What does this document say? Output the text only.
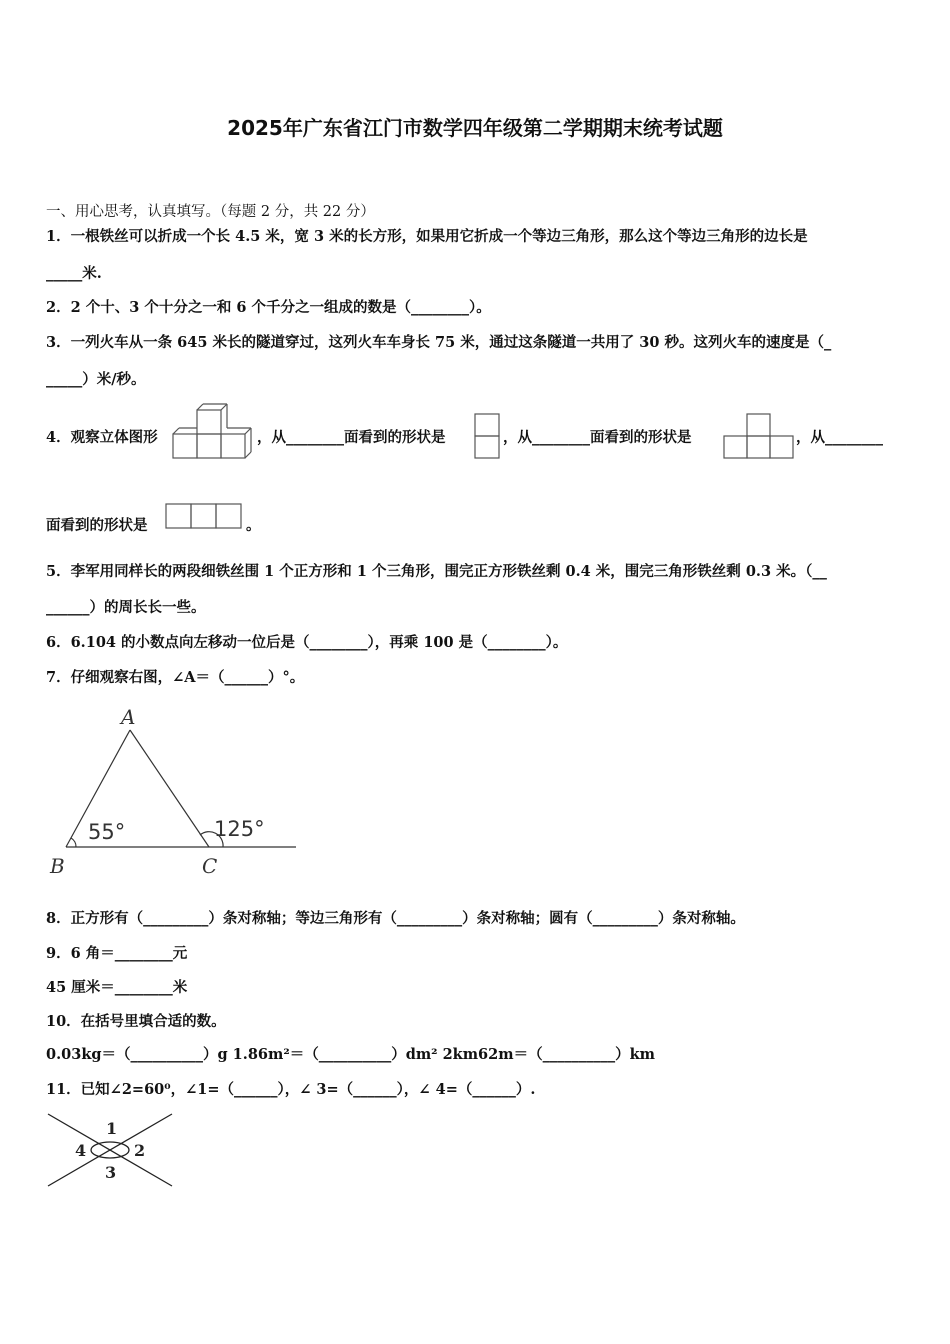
2025年广东省江门市数学四年级第二学期期末统考试题
一、用心思考，认真填写。（每题 2 分，共 22 分）
1．一根铁丝可以折成一个长 4.5 米，宽 3 米的长方形，如果用它折成一个等边三角形，那么这个等边三角形的边长是
_____米.
2．2 个十、3 个十分之一和 6 个千分之一组成的数是（________）。
3．一列火车从一条 645 米长的隧道穿过，这列火车车身长 75 米，通过这条隧道一共用了 30 秒。这列火车的速度是（_
_____）米/秒。
4．观察立体图形	，从________面看到的形状是	，从________面看到的形状是	，从________
面看到的形状是	。
5．李军用同样长的两段细铁丝围 1 个正方形和 1 个三角形，围完正方形铁丝剩 0.4 米，围完三角形铁丝剩 0.3 米。（__
______）的周长长一些。
6．6.104 的小数点向左移动一位后是（________），再乘 100 是（________）。
7．仔细观察右图，∠A＝（______）°。
A
B	C
55°	125°
8．正方形有（_________）条对称轴；等边三角形有（_________）条对称轴；圆有（_________）条对称轴。
9．6 角＝________元
45 厘米＝________米
10．在括号里填合适的数。
0.03kg＝（__________）g 1.86m²＝（__________）dm² 2km62m＝（__________）km
11．已知∠2=60⁰，∠1=（______），∠ 3=（______），∠ 4=（______）.
1
2
3
4
